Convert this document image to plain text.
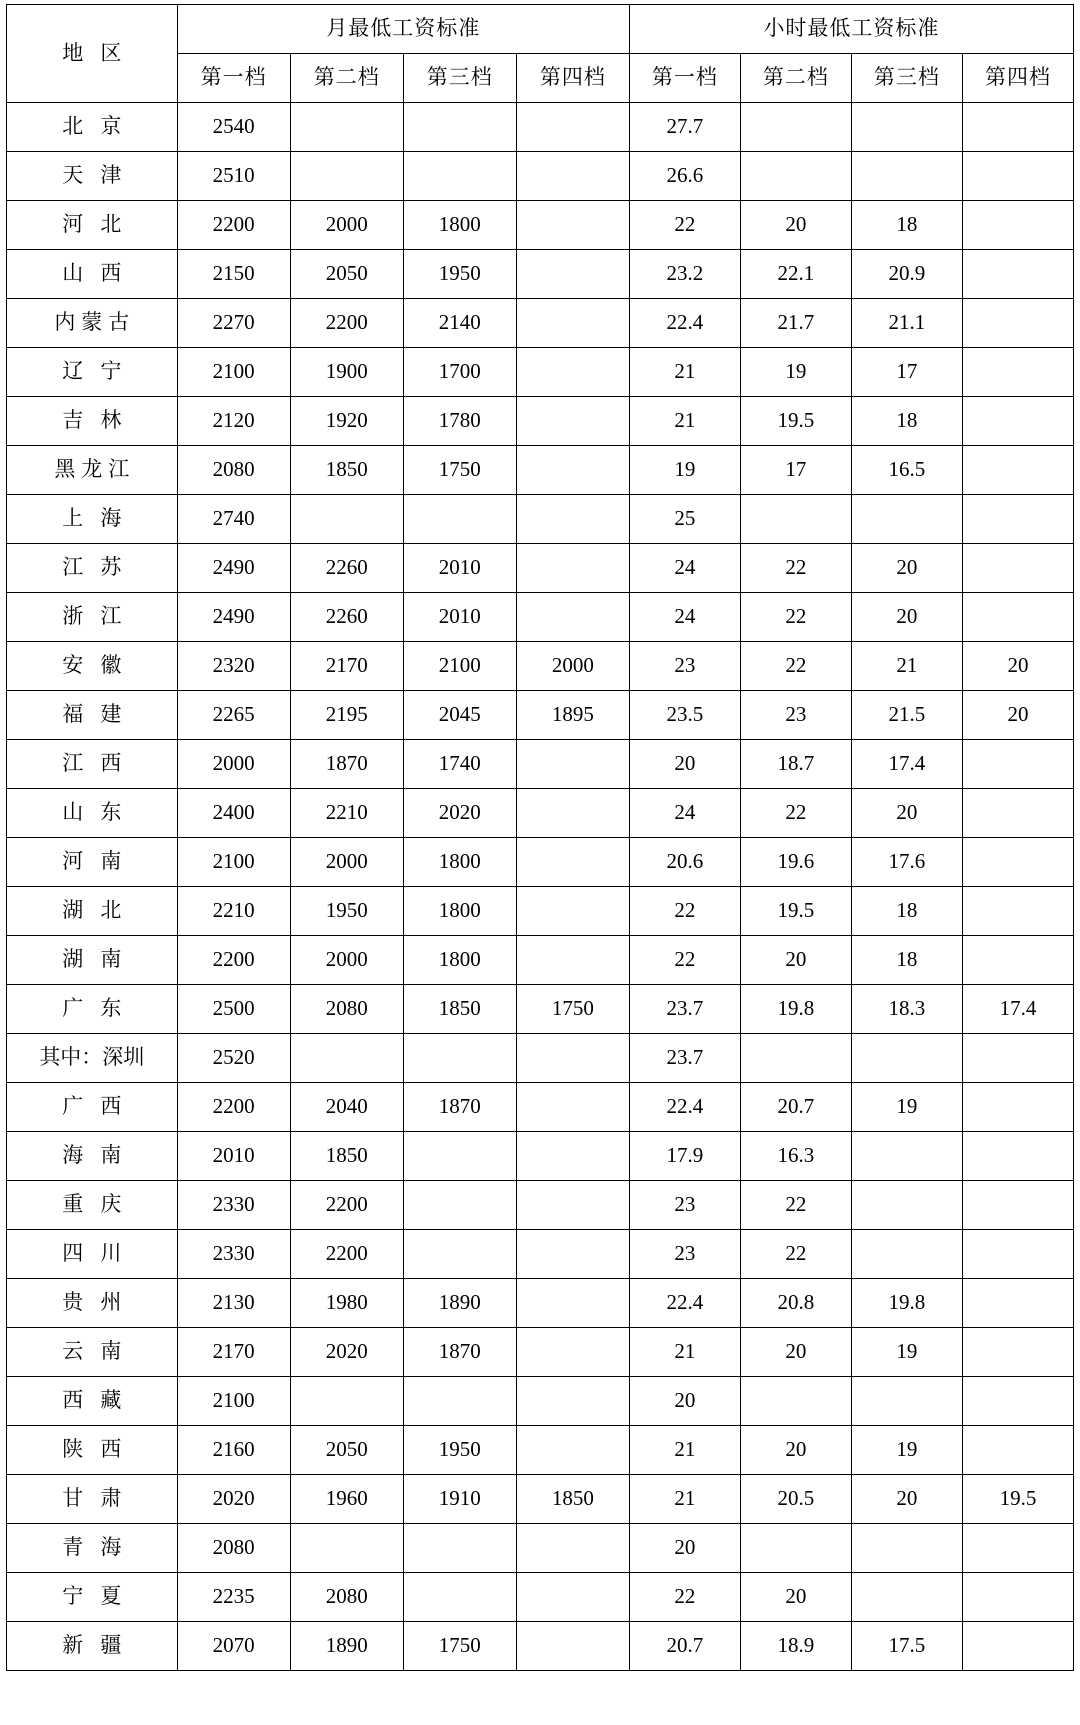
地 区	月最低工资标准				小时最低工资标准			
	第一档	第二档	第三档	第四档	第一档	第二档	第三档	第四档
北 京	2540				27.7			
天 津	2510				26.6			
河 北	2200	2000	1800		22	20	18	
山 西	2150	2050	1950		23.2	22.1	20.9	
内蒙古	2270	2200	2140		22.4	21.7	21.1	
辽 宁	2100	1900	1700		21	19	17	
吉 林	2120	1920	1780		21	19.5	18	
黑龙江	2080	1850	1750		19	17	16.5	
上 海	2740				25			
江 苏	2490	2260	2010		24	22	20	
浙 江	2490	2260	2010		24	22	20	
安 徽	2320	2170	2100	2000	23	22	21	20
福 建	2265	2195	2045	1895	23.5	23	21.5	20
江 西	2000	1870	1740		20	18.7	17.4	
山 东	2400	2210	2020		24	22	20	
河 南	2100	2000	1800		20.6	19.6	17.6	
湖 北	2210	1950	1800		22	19.5	18	
湖 南	2200	2000	1800		22	20	18	
广 东	2500	2080	1850	1750	23.7	19.8	18.3	17.4
其中：深圳	2520				23.7			
广 西	2200	2040	1870		22.4	20.7	19	
海 南	2010	1850			17.9	16.3		
重 庆	2330	2200			23	22		
四 川	2330	2200			23	22		
贵 州	2130	1980	1890		22.4	20.8	19.8	
云 南	2170	2020	1870		21	20	19	
西 藏	2100				20			
陕 西	2160	2050	1950		21	20	19	
甘 肃	2020	1960	1910	1850	21	20.5	20	19.5
青 海	2080				20			
宁 夏	2235	2080			22	20		
新 疆	2070	1890	1750		20.7	18.9	17.5	
